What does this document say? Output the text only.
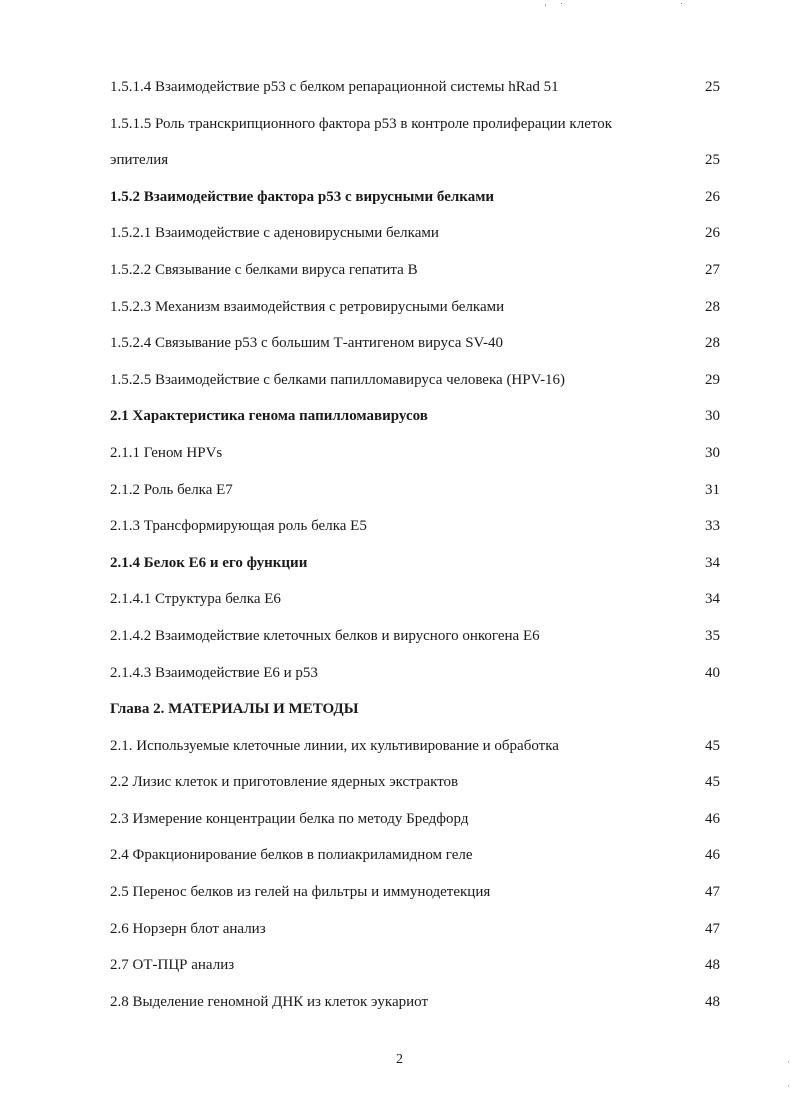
ˌ .	.
·
·
1.5.1.4 Взаимодействие р53 с белком репарационной системы hRad 51	25
1.5.1.5 Роль транскрипционного фактора р53 в контроле пролиферации клеток
эпителия	25
1.5.2 Взаимодействие фактора р53 с вирусными белками	26
1.5.2.1 Взаимодействие с аденовирусными белками	26
1.5.2.2 Связывание с белками вируса гепатита В	27
1.5.2.3 Механизм взаимодействия с ретровирусными белками	28
1.5.2.4 Связывание р53 с большим Т-антигеном вируса SV-40	28
1.5.2.5 Взаимодействие с белками папилломавируса человека (HPV-16)	29
2.1 Характеристика генома папилломавирусов	30
2.1.1 Геном HPVs	30
2.1.2 Роль белка Е7	31
2.1.3 Трансформирующая роль белка Е5	33
2.1.4 Белок Е6 и его функции	34
2.1.4.1 Структура белка Е6	34
2.1.4.2 Взаимодействие клеточных белков и вирусного онкогена Е6	35
2.1.4.3 Взаимодействие Е6 и р53	40
Глава 2. МАТЕРИАЛЫ И МЕТОДЫ
2.1. Используемые клеточные линии, их культивирование и обработка	45
2.2 Лизис клеток и приготовление ядерных экстрактов	45
2.3 Измерение концентрации белка по методу Бредфорд	46
2.4 Фракционирование белков в полиакриламидном геле	46
2.5 Перенос белков из гелей на фильтры и иммунодетекция	47
2.6 Норзерн блот анализ	47
2.7 ОТ-ПЦР анализ	48
2.8 Выделение геномной ДНК из клеток эукариот	48
2
